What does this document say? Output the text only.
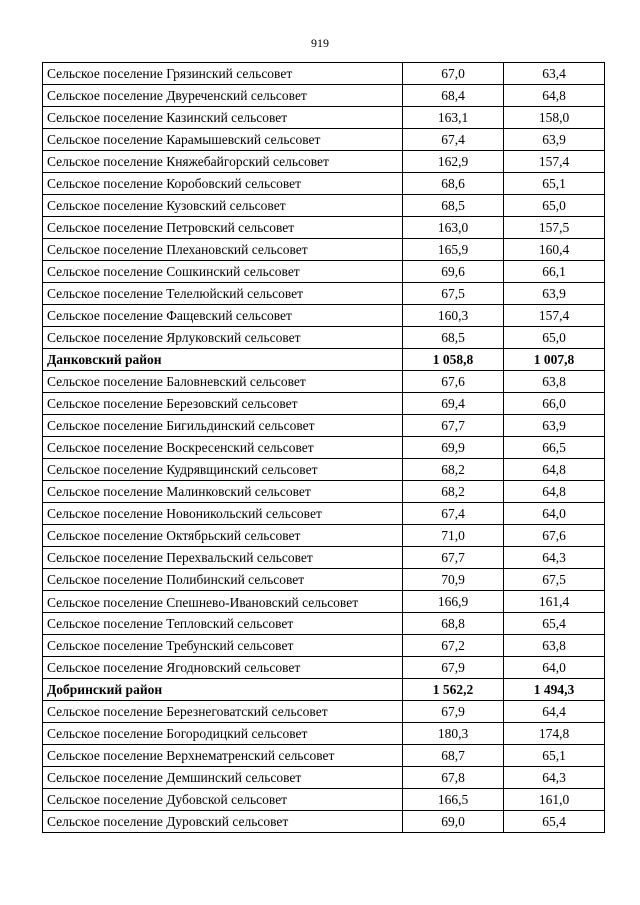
919
Сельское поселение Грязинский сельсовет	67,0	63,4
Сельское поселение Двуреченский сельсовет	68,4	64,8
Сельское поселение Казинский сельсовет	163,1	158,0
Сельское поселение Карамышевский сельсовет	67,4	63,9
Сельское поселение Княжебайгорский сельсовет	162,9	157,4
Сельское поселение Коробовский сельсовет	68,6	65,1
Сельское поселение Кузовский сельсовет	68,5	65,0
Сельское поселение Петровский сельсовет	163,0	157,5
Сельское поселение Плехановский сельсовет	165,9	160,4
Сельское поселение Сошкинский сельсовет	69,6	66,1
Сельское поселение Телелюйский сельсовет	67,5	63,9
Сельское поселение Фащевский сельсовет	160,3	157,4
Сельское поселение Ярлуковский сельсовет	68,5	65,0
Данковский район	1 058,8	1 007,8
Сельское поселение Баловневский сельсовет	67,6	63,8
Сельское поселение Березовский сельсовет	69,4	66,0
Сельское поселение Бигильдинский сельсовет	67,7	63,9
Сельское поселение Воскресенский сельсовет	69,9	66,5
Сельское поселение Кудрявщинский сельсовет	68,2	64,8
Сельское поселение Малинковский сельсовет	68,2	64,8
Сельское поселение Новоникольский сельсовет	67,4	64,0
Сельское поселение Октябрьский сельсовет	71,0	67,6
Сельское поселение Перехвальский сельсовет	67,7	64,3
Сельское поселение Полибинский сельсовет	70,9	67,5
Сельское поселение Спешнево-Ивановский сельсовет	166,9	161,4
Сельское поселение Тепловский сельсовет	68,8	65,4
Сельское поселение Требунский сельсовет	67,2	63,8
Сельское поселение Ягоднoвский сельсовет	67,9	64,0
Добринский район	1 562,2	1 494,3
Сельское поселение Березнеговатский сельсовет	67,9	64,4
Сельское поселение Богородицкий сельсовет	180,3	174,8
Сельское поселение Верхнематренский сельсовет	68,7	65,1
Сельское поселение Демшинский сельсовет	67,8	64,3
Сельское поселение Дубовской сельсовет	166,5	161,0
Сельское поселение Дуровский сельсовет	69,0	65,4
